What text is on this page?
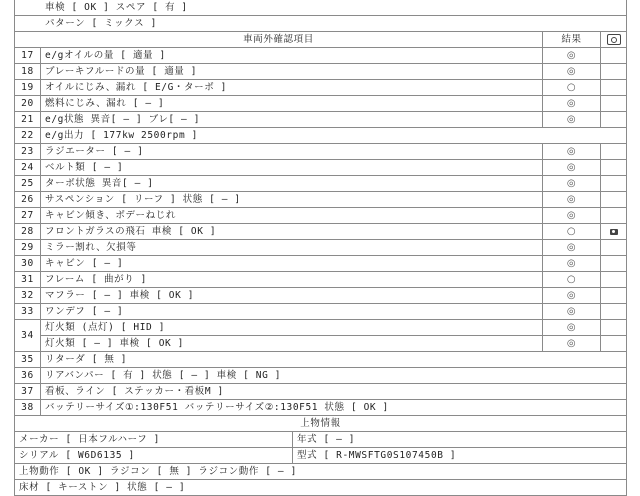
車検 [ OK ] スペア [ 有 ]				
パターン [ ミックス ]				
車両外確認項目			結果	
17	e/gオイルの量 [ 適量 ]		◎	
18	ブレーキフルードの量 [ 適量 ]		◎	
19	オイルにじみ、漏れ [ E/G・ターボ ]		○	
20	燃料にじみ、漏れ [ — ]		◎	
21	e/g状態 異音[ — ] ブレ[ — ]		◎	
22	e/g出力 [ 177kw 2500rpm ]			
23	ラジエーター [ — ]		◎	
24	ベルト類 [ — ]		◎	
25	ターボ状態 異音[ — ]		◎	
26	サスペンション [ リーフ ] 状態 [ — ]		◎	
27	キャビン傾き、ボデーねじれ		◎	
28	フロントガラスの飛石 車検 [ OK ]		○	
29	ミラー割れ、欠損等		◎	
30	キャビン [ — ]		◎	
31	フレーム [ 曲がり ]		○	
32	マフラー [ — ] 車検 [ OK ]		◎	
33	ワンデフ [ — ]		◎	
34	灯火類 (点灯) [ HID ]		◎	
	灯火類 [ — ] 車検 [ OK ]		◎	
35	リターダ [ 無 ]			
36	リアバンパー [ 有 ] 状態 [ — ] 車検 [ NG ]			
37	看板、ライン [ ステッカー・看板M ]			
38	バッテリーサイズ①:130F51 バッテリーサイズ②:130F51 状態 [ OK ]			
上物情報				
メーカー [ 日本フルハーフ ]		年式 [ — ]		
シリアル [ W6D6135 ]		型式 [ R-MWSFTG0S107450B ]		
上物動作 [ OK ] ラジコン [ 無 ] ラジコン動作 [ — ]				
床材 [ キーストン ] 状態 [ — ]				
